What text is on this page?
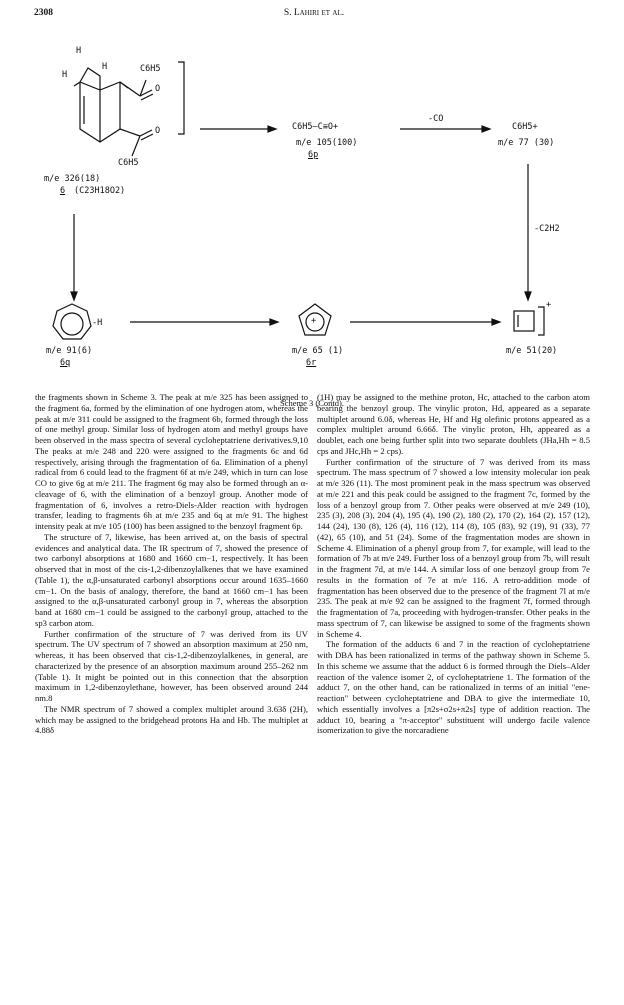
2308	S. Lahiri et al.
H
H
H	C6H5
O
O
C6H5
m/e 326(18)
6 (C23H18O2)
C6H5–C≡O+
m/e 105(100)
6p
-CO
C6H5+
m/e 77 (30)
-C2H2
-H
m/e 91(6)
6q
+
m/e 65 (1)
6r
+
m/e 51(20)
Scheme 3 (Contd).

the fragments shown in Scheme 3. The peak at m/e 325 has been assigned to the fragment 6a, formed by the elimination of one hydrogen atom, whereas the peak at m/e 311 could be assigned to the fragment 6b, formed through the loss of one methyl group. Similar loss of hydrogen atom and methyl groups have been observed in the mass spectra of several cycloheptatriene derivatives.9,10 The peaks at m/e 248 and 220 were assigned to the fragments 6c and 6d respectively, arising through the fragmentation of 6a. Elimination of a phenyl radical from 6 could lead to the fragment 6f at m/e 249, which in turn can lose CO to give 6g at m/e 211. The fragment 6g may also be formed through an α-cleavage of 6, with the elimination of a benzoyl group. Another mode of fragmentation of 6, involves a retro-Diels-Alder reaction with hydrogen transfer, leading to fragments 6h at m/e 235 and 6q at m/e 91. The highest intensity peak at m/e 105 (100) has been assigned to the benzoyl fragment 6p.

The structure of 7, likewise, has been arrived at, on the basis of spectral evidences and analytical data. The IR spectrum of 7, showed the presence of two carbonyl absorptions at 1680 and 1660 cm−1, respectively. It has been observed that in most of the cis-1,2-dibenzoylalkenes that we have examined (Table 1), the α,β-unsaturated carbonyl absorptions occur around 1635–1660 cm−1. On the basis of analogy, therefore, the band at 1660 cm−1 has been assigned to the α,β-unsaturated carbonyl group in 7, whereas the absorption band at 1680 cm−1 could be assigned to the carbonyl group, attached to the sp3 carbon atom.

Further confirmation of the structure of 7 was derived from its UV spectrum. The UV spectrum of 7 showed an absorption maximum at 250 nm, whereas, it has been observed that cis-1,2-dibenzoylalkenes, in general, are characterized by the presence of an absorption maximum around 255–262 nm (Table 1). It might be pointed out in this connection that the absorption maximum in 1,2-dibenzoylethane, however, has been observed around 244 nm.8

The NMR spectrum of 7 showed a complex multiplet around 3.63δ (2H), which may be assigned to the bridgehead protons Ha and Hb. The multiplet at 4.88δ

(1H) may be assigned to the methine proton, Hc, attached to the carbon atom bearing the benzoyl group. The vinylic proton, Hd, appeared as a separate multiplet around 6.0δ, whereas He, Hf and Hg olefinic protons appeared as a complex multiplet around 6.66δ. The vinylic proton, Hh, appeared as a doublet, each one being further split into two separate doublets (JHa,Hh = 8.5 cps and JHc,Hh = 2 cps).

Further confirmation of the structure of 7 was derived from its mass spectrum. The mass spectrum of 7 showed a low intensity molecular ion peak at m/e 326 (11). The most prominent peak in the mass spectrum was observed at m/e 221 and this peak could be assigned to the fragment 7c, formed by the loss of a benzoyl group from 7. Other peaks were observed at m/e 249 (10), 235 (3), 208 (3), 204 (4), 195 (4), 190 (2), 180 (2), 170 (2), 164 (2), 157 (12), 144 (24), 130 (8), 126 (4), 116 (12), 114 (8), 105 (83), 92 (19), 91 (33), 77 (42), 65 (10), and 51 (24). Some of the fragmentation modes are shown in Scheme 4. Elimination of a phenyl group from 7, for example, will lead to the formation of 7b at m/e 249. Further loss of a benzoyl group from 7b, will result in the fragment 7d, at m/e 144. A similar loss of one benzoyl group from 7e results in the formation of 7e at m/e 116. A retro-addition mode of fragmentation has been observed due to the presence of the fragment 7l at m/e 235. The peak at m/e 92 can be assigned to the fragment 7f, formed through the fragmentation of 7a, proceeding with hydrogen-transfer. Other peaks in the mass spectrum of 7, can likewise be assigned to some of the fragments shown in Scheme 4.

The formation of the adducts 6 and 7 in the reaction of cycloheptatriene with DBA has been rationalized in terms of the pathway shown in Scheme 5. In this scheme we assume that the adduct 6 is formed through the Diels–Alder reaction of the valence isomer 2, of cycloheptatriene 1. The formation of the adduct 7, on the other hand, can be rationalized in terms of an initial "ene-reaction" between cycloheptatriene and DBA to give the intermediate 10, which essentially involves a [π2s+σ2s+π2s] type of addition reaction. The adduct 10, bearing a "π-acceptor" substituent will undergo facile valence isomerization to give the norcaradiene
